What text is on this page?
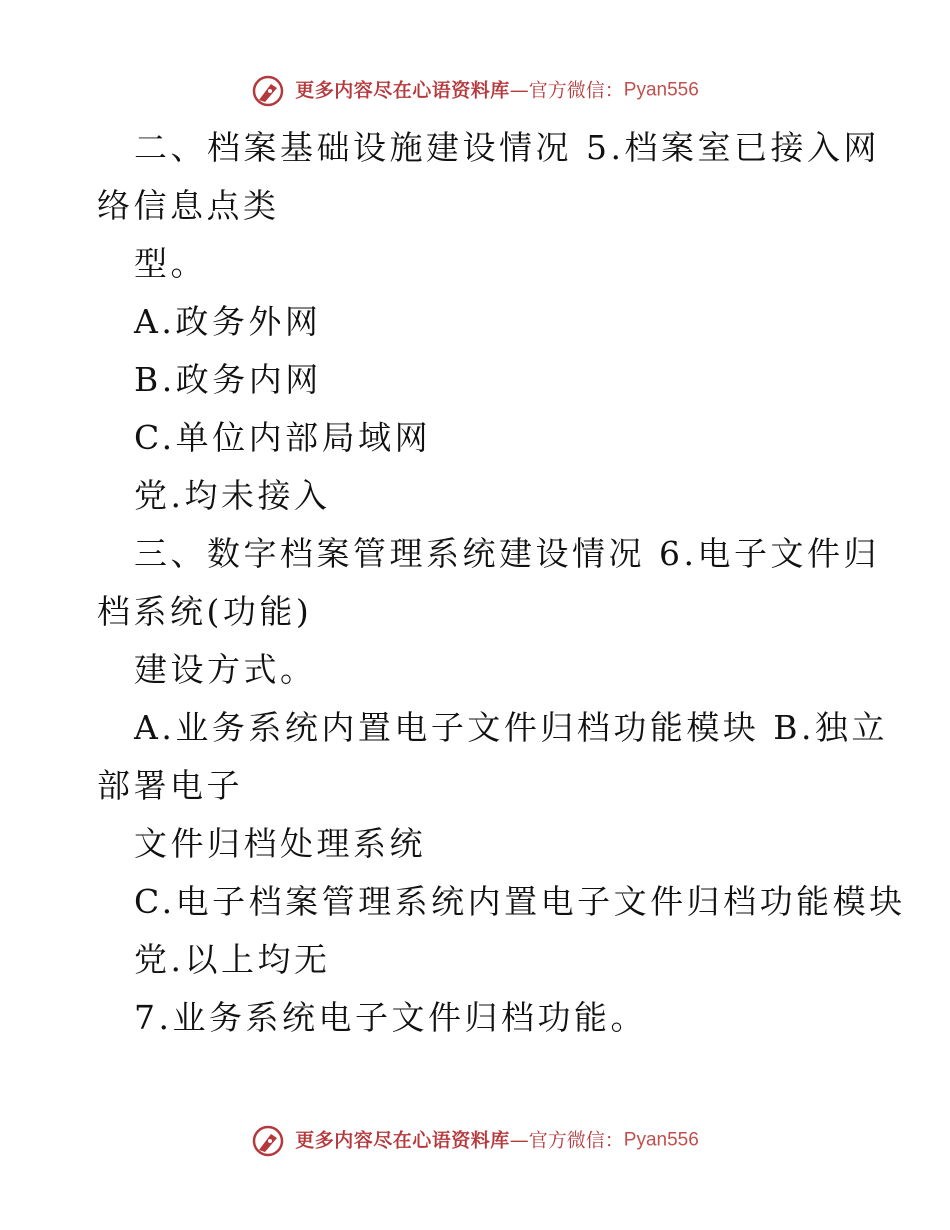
更多内容尽在心语资料库—官方微信：Pyan556
二、档案基础设施建设情况 5.档案室已接入网
络信息点类
型。
A.政务外网
B.政务内网
C.单位内部局域网
党.均未接入
三、数字档案管理系统建设情况 6.电子文件归
档系统(功能)
建设方式。
A.业务系统内置电子文件归档功能模块 B.独立
部署电子
文件归档处理系统
C.电子档案管理系统内置电子文件归档功能模块
党.以上均无
7.业务系统电子文件归档功能。
更多内容尽在心语资料库—官方微信：Pyan556
